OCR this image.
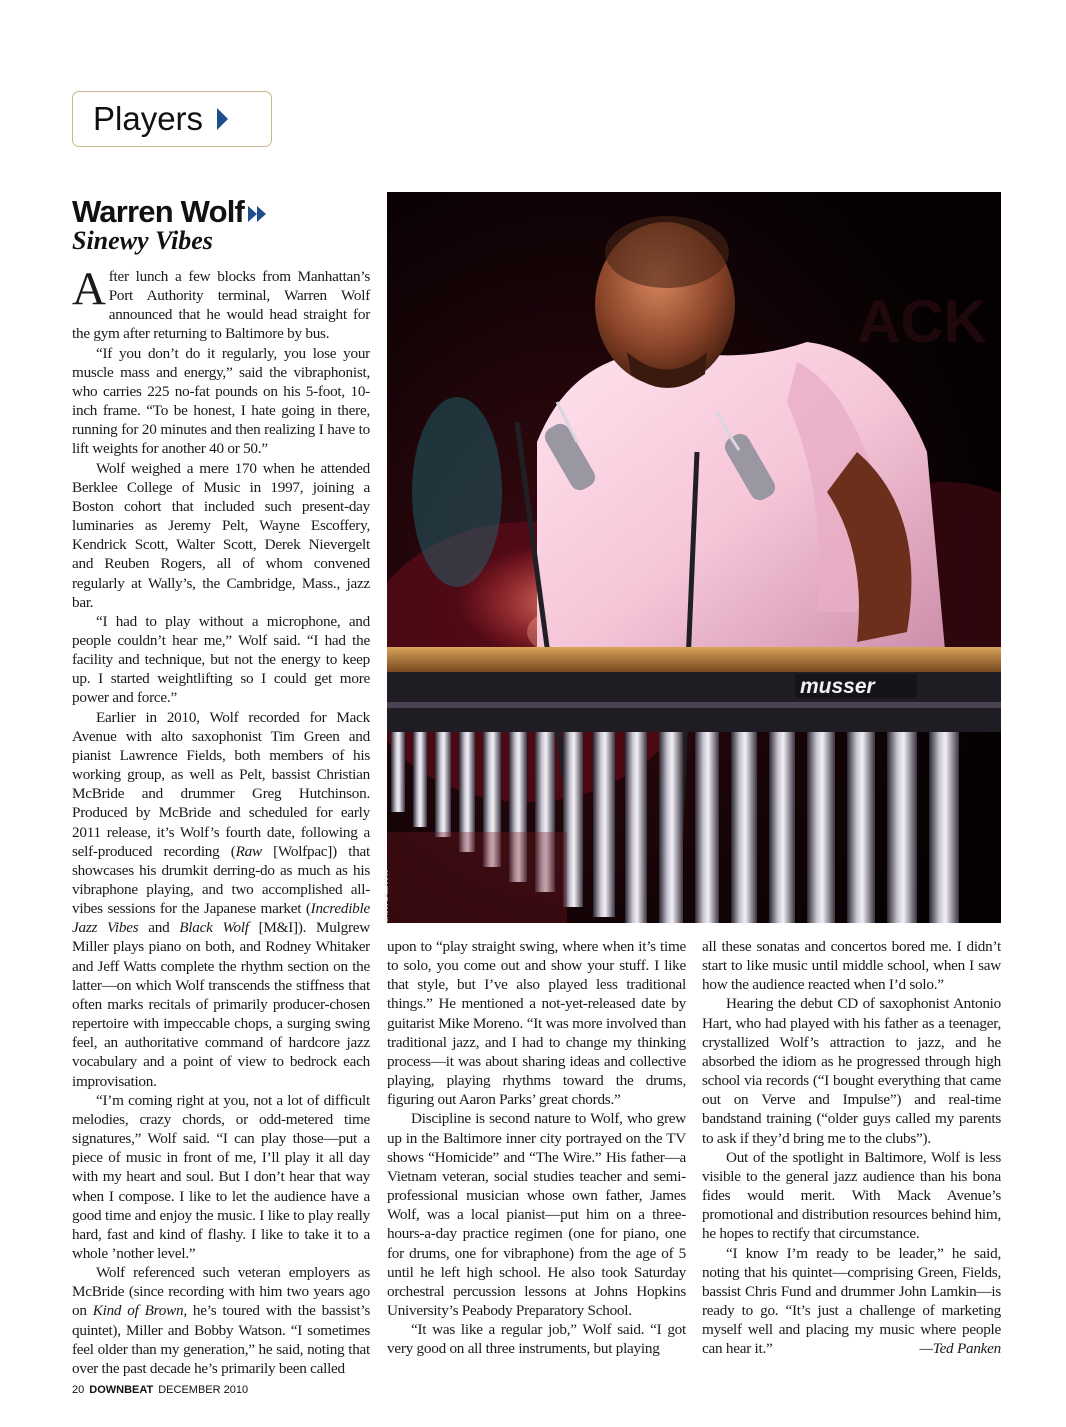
Players
Warren Wolf
Sinewy Vibes
ACK
musser
BRIAN CALLAHAN

After lunch a few blocks from Manhattan’s Port Authority terminal, Warren Wolf announced that he would head straight for the gym after returning to Baltimore by bus.

“If you don’t do it regularly, you lose your muscle mass and energy,” said the vibraphonist, who carries 225 no-fat pounds on his 5-foot, 10-inch frame. “To be honest, I hate going in there, running for 20 minutes and then realizing I have to lift weights for another 40 or 50.”

Wolf weighed a mere 170 when he attended Berklee College of Music in 1997, joining a Boston cohort that included such present-day luminaries as Jeremy Pelt, Wayne Escoffery, Kendrick Scott, Walter Scott, Derek Nievergelt and Reuben Rogers, all of whom convened regularly at Wally’s, the Cambridge, Mass., jazz bar.

“I had to play without a microphone, and people couldn’t hear me,” Wolf said. “I had the facility and technique, but not the energy to keep up. I started weightlifting so I could get more power and force.”

Earlier in 2010, Wolf recorded for Mack Avenue with alto saxophonist Tim Green and pianist Lawrence Fields, both members of his working group, as well as Pelt, bassist Christian McBride and drummer Greg Hutchinson. Produced by McBride and scheduled for early 2011 release, it’s Wolf’s fourth date, following a self-produced recording (Raw [Wolfpac]) that showcases his drumkit derring-do as much as his vibraphone playing, and two accomplished all-vibes sessions for the Japanese market (Incredible Jazz Vibes and Black Wolf [M&I]). Mulgrew Miller plays piano on both, and Rodney Whitaker and Jeff Watts complete the rhythm section on the latter—on which Wolf transcends the stiffness that often marks recitals of primarily producer-chosen repertoire with impeccable chops, a surging swing feel, an authoritative command of hardcore jazz vocabulary and a point of view to bedrock each improvisation.

“I’m coming right at you, not a lot of difficult melodies, crazy chords, or odd-metered time signatures,” Wolf said. “I can play those—put a piece of music in front of me, I’ll play it all day with my heart and soul. But I don’t hear that way when I compose. I like to let the audience have a good time and enjoy the music. I like to play really hard, fast and kind of flashy. I like to take it to a whole ’nother level.”

Wolf referenced such veteran employers as McBride (since recording with him two years ago on Kind of Brown, he’s toured with the bassist’s quintet), Miller and Bobby Watson. “I sometimes feel older than my generation,” he said, noting that over the past decade he’s primarily been called

upon to “play straight swing, where when it’s time to solo, you come out and show your stuff. I like that style, but I’ve also played less traditional things.” He mentioned a not-yet-released date by guitarist Mike Moreno. “It was more involved than traditional jazz, and I had to change my thinking process—it was about sharing ideas and collective playing, playing rhythms toward the drums, figuring out Aaron Parks’ great chords.”

Discipline is second nature to Wolf, who grew up in the Baltimore inner city portrayed on the TV shows “Homicide” and “The Wire.” His father—a Vietnam veteran, social studies teacher and semi-professional musician whose own father, James Wolf, was a local pianist—put him on a three-hours-a-day practice regimen (one for piano, one for drums, one for vibraphone) from the age of 5 until he left high school. He also took Saturday orchestral percussion lessons at Johns Hopkins University’s Peabody Preparatory School.

“It was like a regular job,” Wolf said. “I got very good on all three instruments, but playing

all these sonatas and concertos bored me. I didn’t start to like music until middle school, when I saw how the audience reacted when I’d solo.”

Hearing the debut CD of saxophonist Antonio Hart, who had played with his father as a teenager, crystallized Wolf’s attraction to jazz, and he absorbed the idiom as he progressed through high school via records (“I bought everything that came out on Verve and Impulse”) and real-time bandstand training (“older guys called my parents to ask if they’d bring me to the clubs”).

Out of the spotlight in Baltimore, Wolf is less visible to the general jazz audience than his bona fides would merit. With Mack Avenue’s promotional and distribution resources behind him, he hopes to rectify that circumstance.

“I know I’m ready to be leader,” he said, noting that his quintet—comprising Green, Fields, bassist Chris Fund and drummer John Lamkin—is ready to go. “It’s just a challenge of marketing myself well and placing my music where people can hear it.”	—Ted Panken

20 DOWNBEAT DECEMBER 2010
